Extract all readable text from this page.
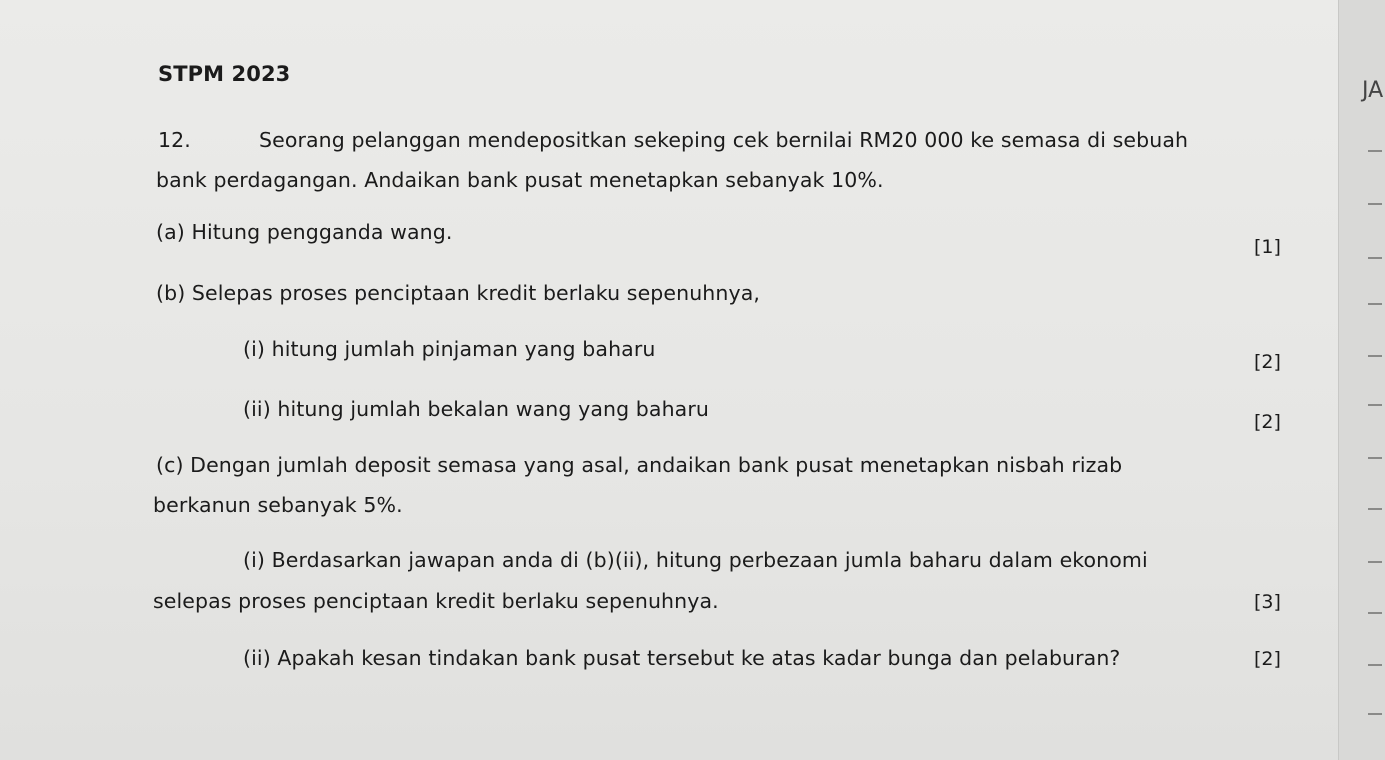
STPM 2023
12.	Seorang pelanggan mendepositkan sekeping cek bernilai RM20 000 ke semasa di sebuah
bank perdagangan. Andaikan bank pusat menetapkan sebanyak 10%.
(a) Hitung pengganda wang.
[1]
(b) Selepas proses penciptaan kredit berlaku sepenuhnya,
(i) hitung jumlah pinjaman yang baharu
[2]
(ii) hitung jumlah bekalan wang yang baharu
[2]
(c) Dengan jumlah deposit semasa yang asal, andaikan bank pusat menetapkan nisbah rizab
berkanun sebanyak 5%.
(i) Berdasarkan jawapan anda di (b)(ii), hitung perbezaan jumla baharu dalam ekonomi
selepas proses penciptaan kredit berlaku sepenuhnya.	[3]
(ii) Apakah kesan tindakan bank pusat tersebut ke atas kadar bunga dan pelaburan?	[2]
JA
